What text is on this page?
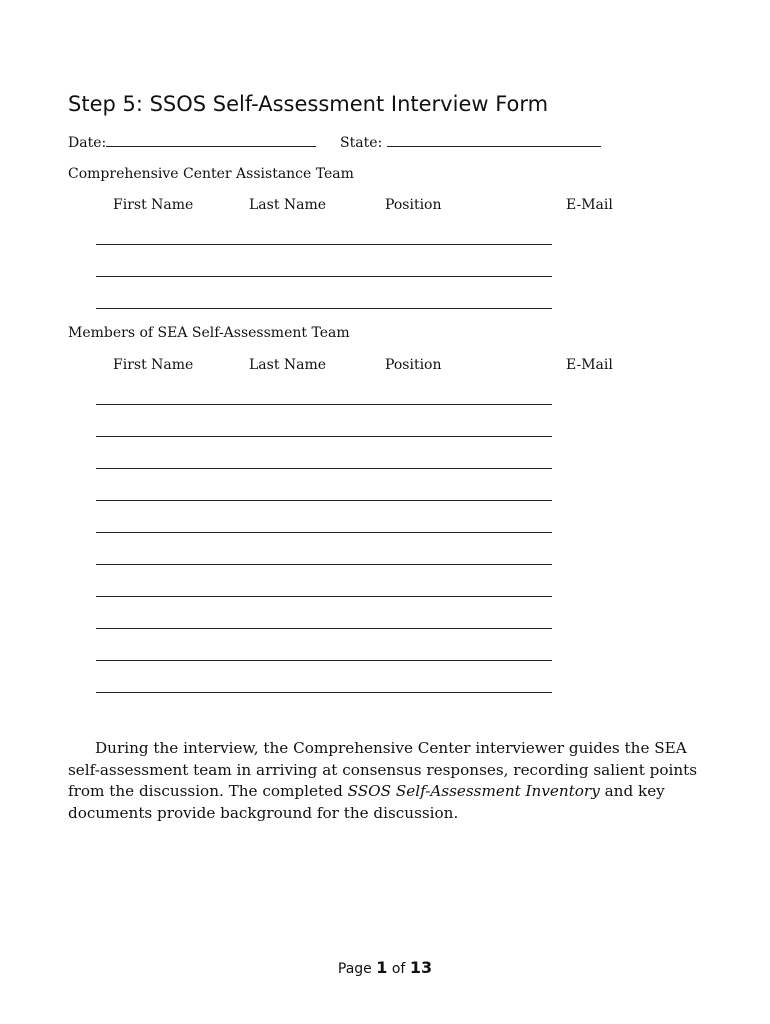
Step 5: SSOS Self-Assessment Interview Form
Date:	State:
Comprehensive Center Assistance Team
First Name	Last Name	Position	E-Mail
Members of SEA Self-Assessment Team
First Name	Last Name	Position	E-Mail

During the interview, the Comprehensive Center interviewer guides the SEA self-assessment team in arriving at consensus responses, recording salient points from the discussion. The completed SSOS Self-Assessment Inventory and key documents provide background for the discussion.

Page 1 of 13
